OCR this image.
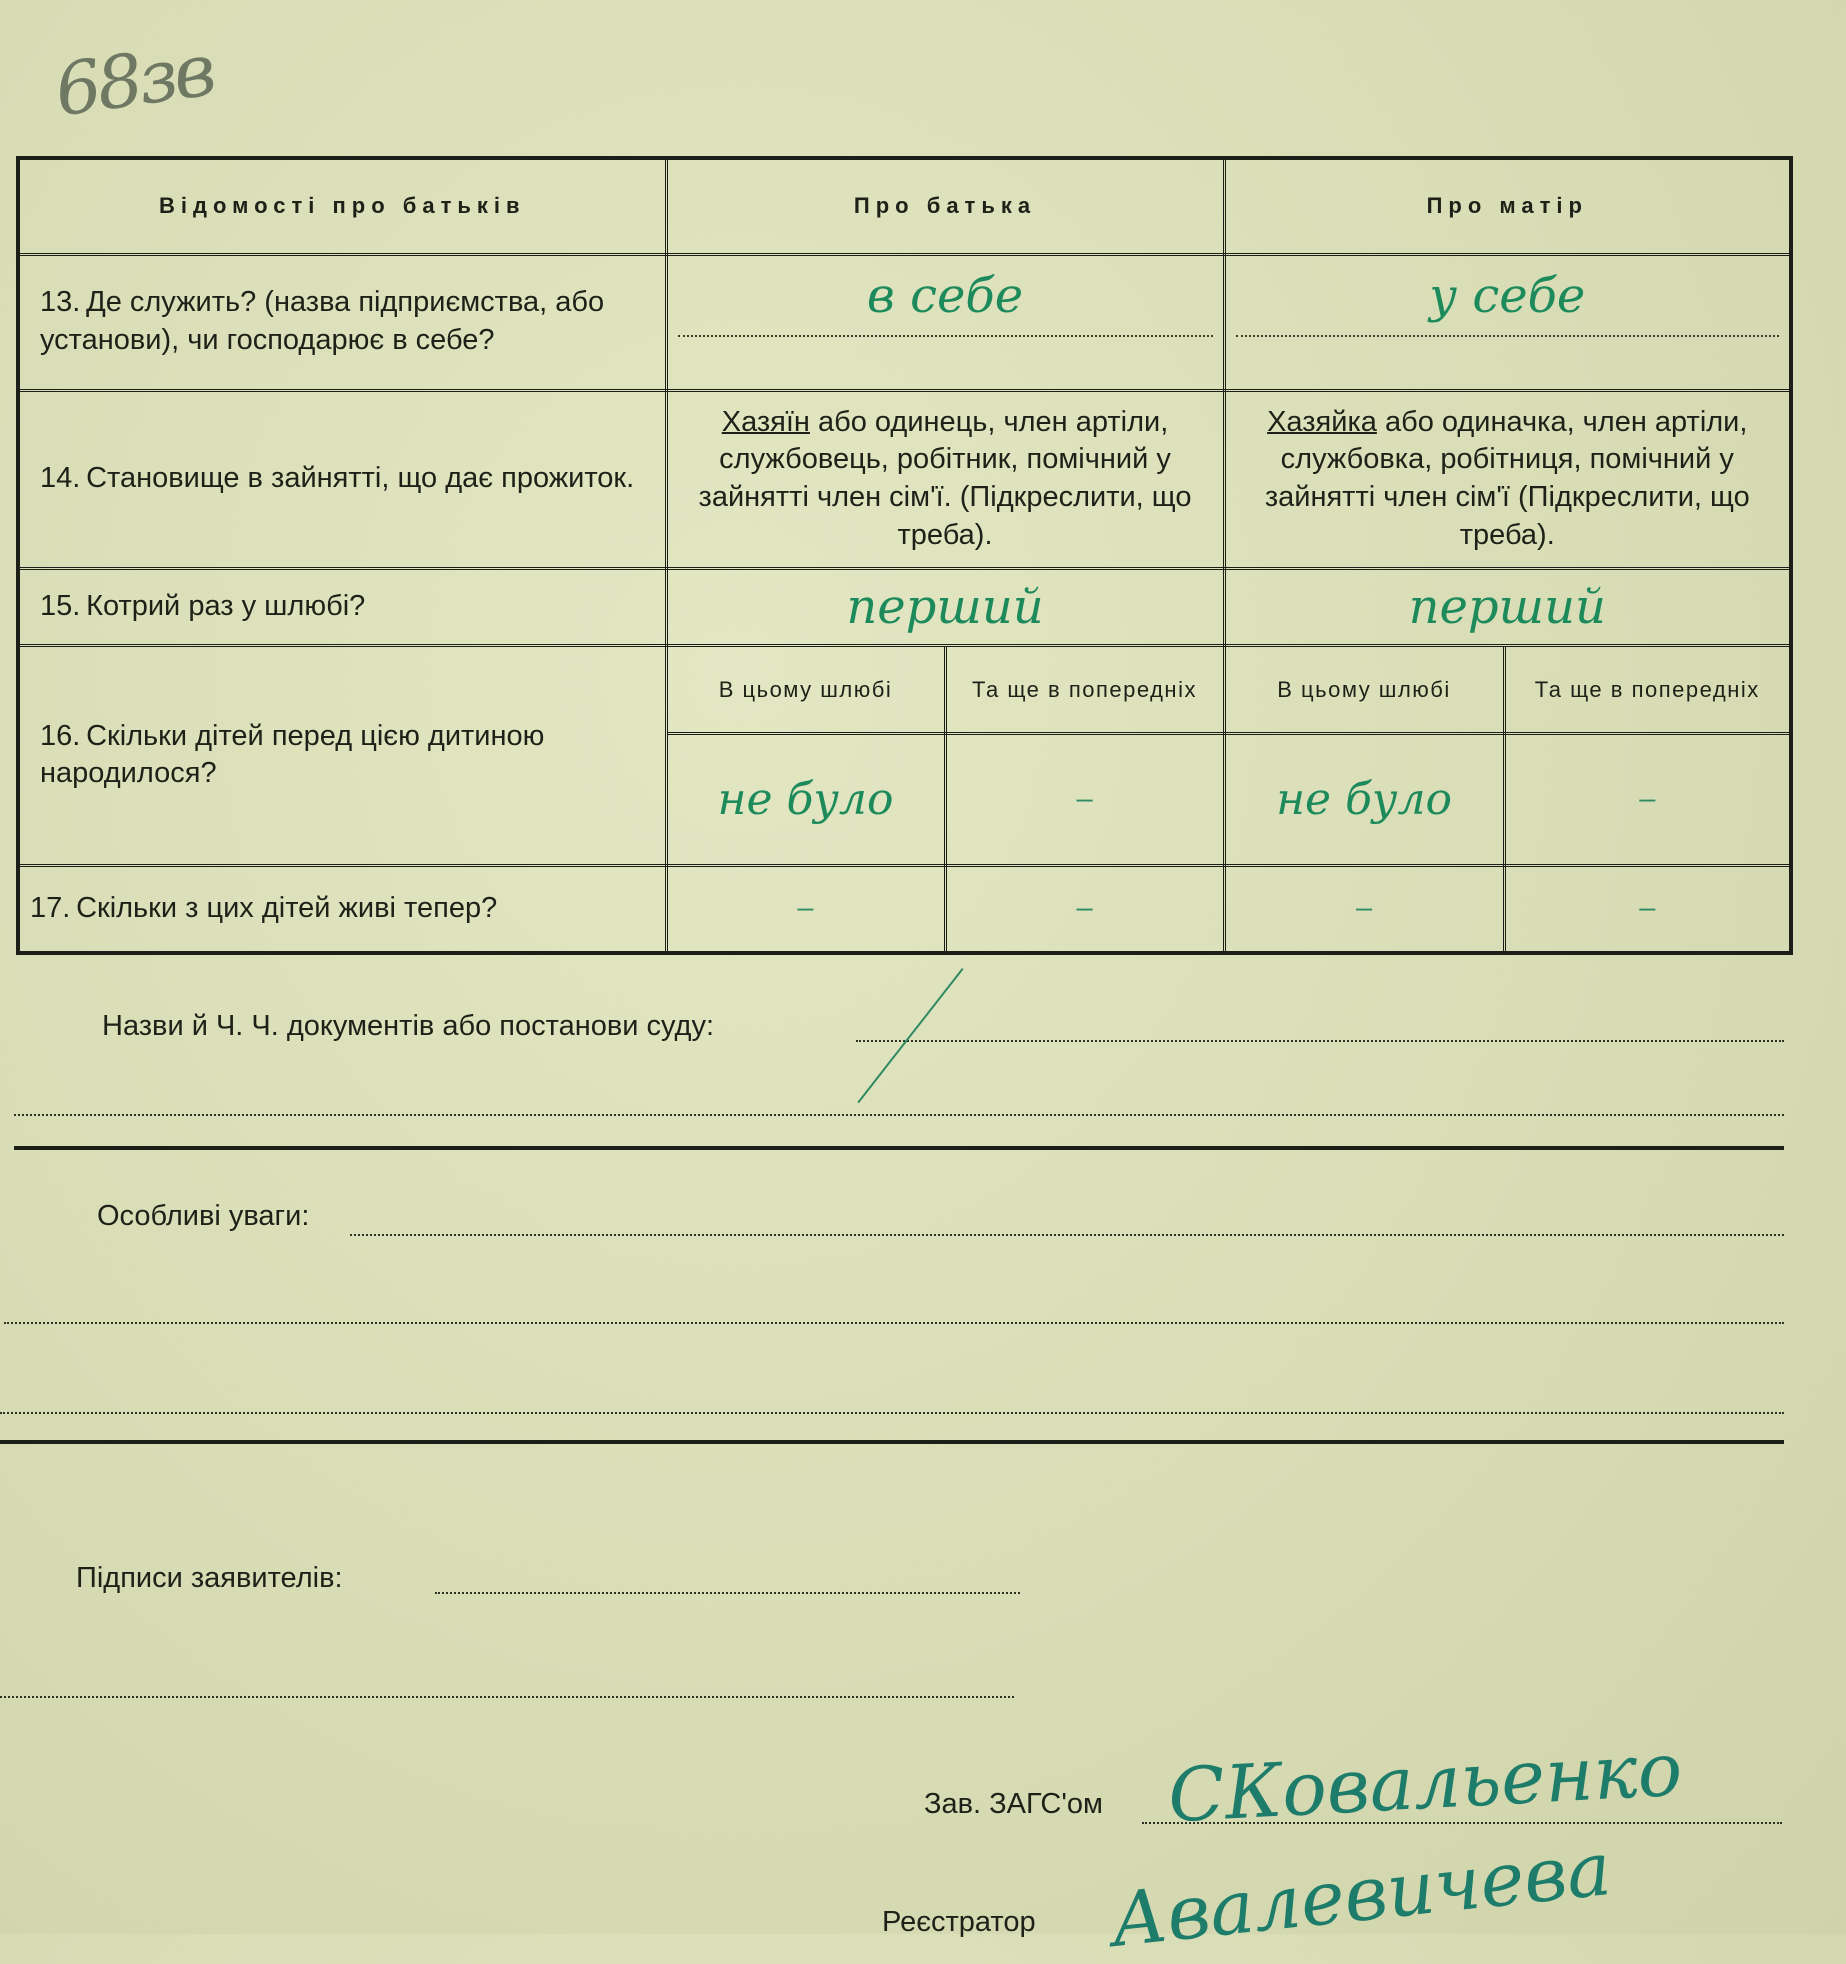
68зв
Відомості про батьків	Про батька		Про матір	
13. Де служить? (назва підприємства, або установи), чи господарює в себе?	в себе		у себе	

14. Становище в зайнятті, що дає прожиток.	Хазяїн або одинець, член артіли, службовець, робітник, помічний у зайнятті член сім'ї. (Підкреслити, що треба).		Хазяйка або одиначка, член артіли, службовка, робітниця, помічний у зайнятті член сім'ї (Підкреслити, що треба).	
15. Котрий раз у шлюбі?	перший		перший	

16. Скільки дітей перед цією дитиною народилося?	В цьому шлюбі	Та ще в попередніх	В цьому шлюбі	Та ще в попередніх

	не було	–	не було	–
17. Скільки з цих дітей живі тепер?	–	–	–	–
Назви й Ч. Ч. документів або постанови суду:
Особливі уваги:
Підписи заявителів:
Зав. ЗАГС'ом СКовальенко
Реєстратор Авалевичева
